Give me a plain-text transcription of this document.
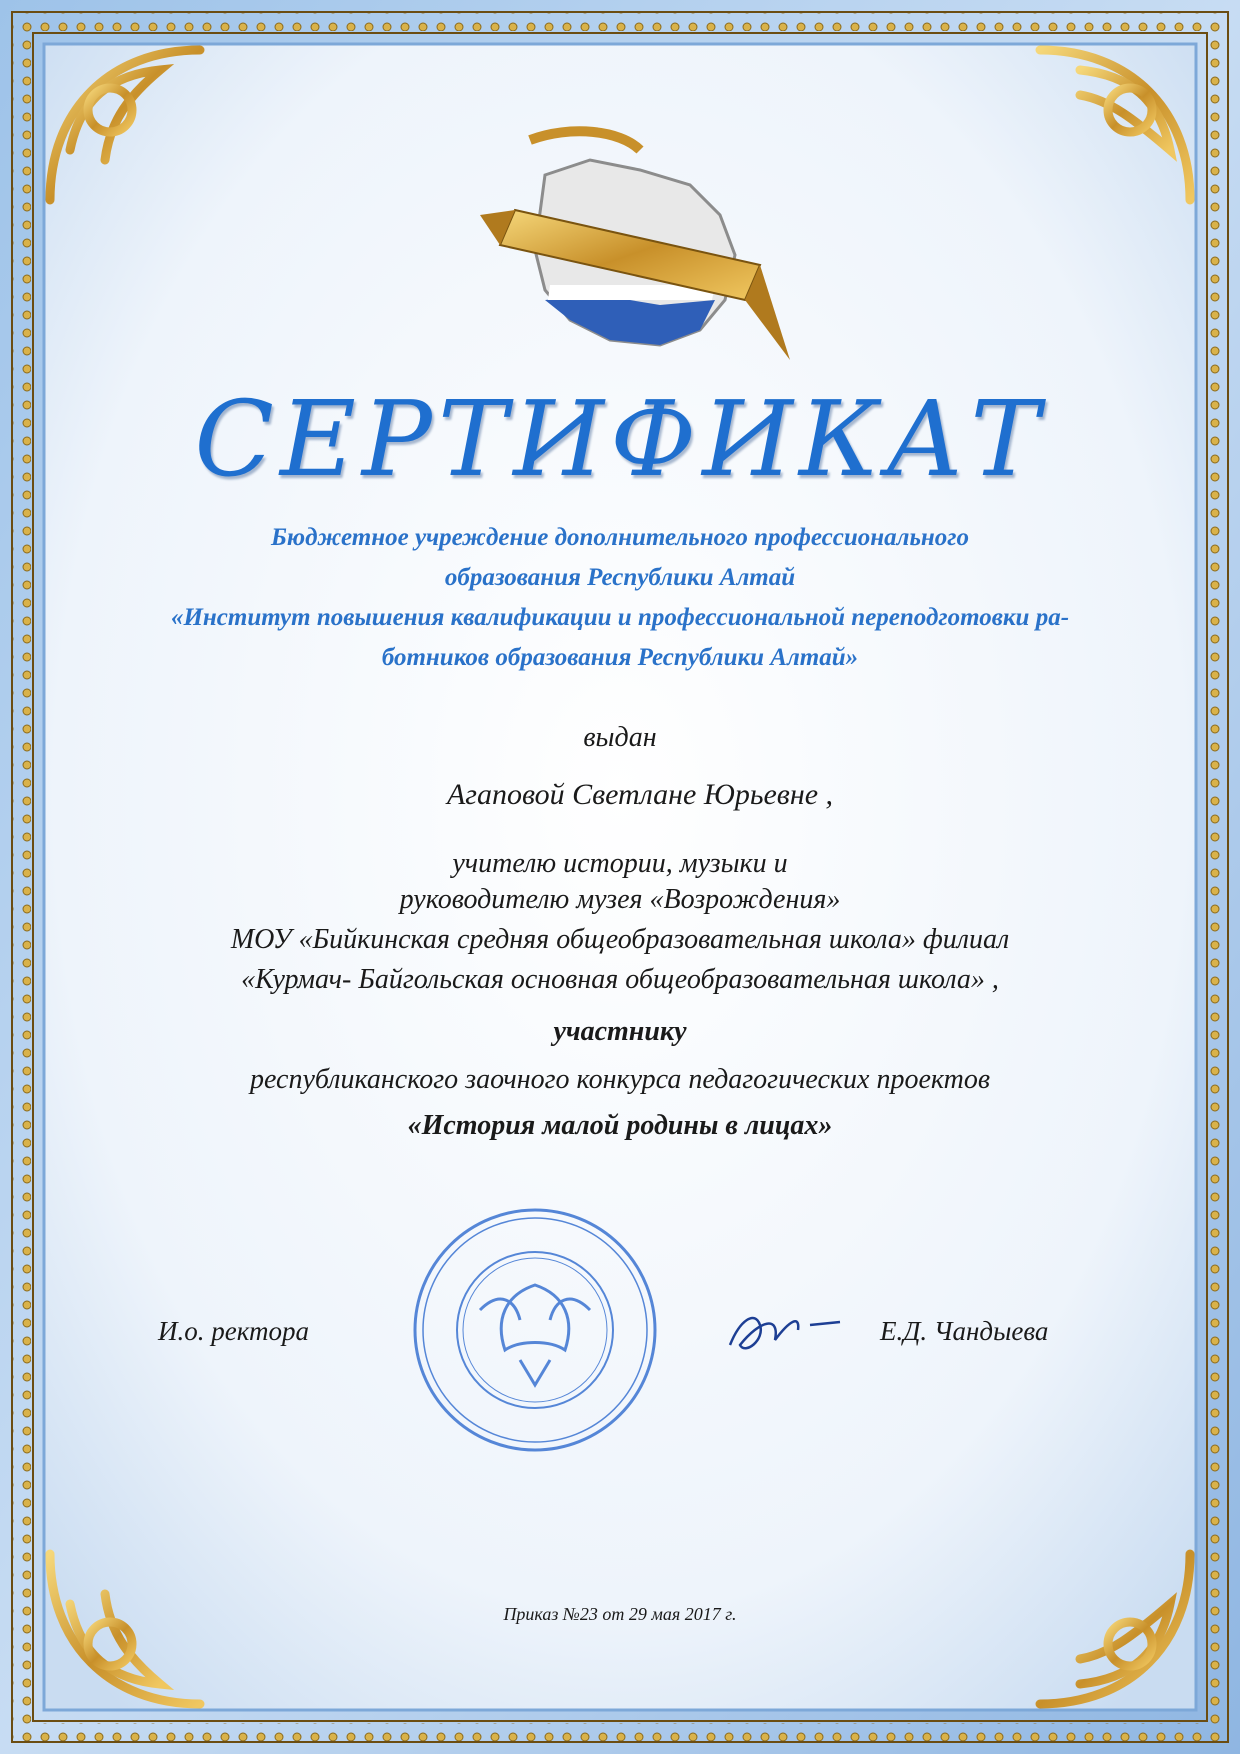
СЕРТИФИКАТ
Бюджетное учреждение дополнительного профессионального
образования Республики Алтай
«Институт повышения квалификации и профессиональной переподготовки ра-
ботников образования Республики Алтай»
выдан
Агаповой Светлане Юрьевне ,
учителю истории, музыки и
руководителю музея «Возрождения»
МОУ «Бийкинская средняя общеобразовательная школа» филиал
«Курмач- Байгольская основная общеобразовательная школа» ,
участнику
республиканского заочного конкурса педагогических проектов
«История малой родины в лицах»
И.о. ректора	Е.Д. Чандыева
Приказ №23 от 29 мая 2017 г.
